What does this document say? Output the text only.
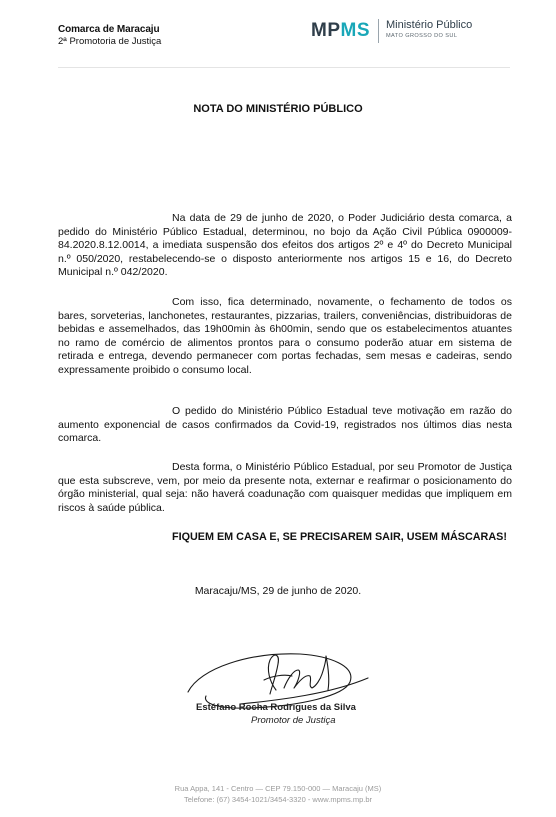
Comarca de Maracaju
2ª Promotoria de Justiça
MPMS Ministério Público
MATO GROSSO DO SUL
NOTA DO MINISTÉRIO PÚBLICO

Na data de 29 de junho de 2020, o Poder Judiciário desta comarca, a pedido do Ministério Público Estadual, determinou, no bojo da Ação Civil Pública 0900009-84.2020.8.12.0014, a imediata suspensão dos efeitos dos artigos 2º e 4º do Decreto Municipal n.º 050/2020, restabelecendo-se o disposto anteriormente nos artigos 15 e 16, do Decreto Municipal n.º 042/2020.

Com isso, fica determinado, novamente, o fechamento de todos os bares, sorveterias, lanchonetes, restaurantes, pizzarias, trailers, conveniências, distribuidoras de bebidas e assemelhados, das 19h00min às 6h00min, sendo que os estabelecimentos atuantes no ramo de comércio de alimentos prontos para o consumo poderão atuar em sistema de retirada e entrega, devendo permanecer com portas fechadas, sem mesas e cadeiras, sendo expressamente proibido o consumo local.

O pedido do Ministério Público Estadual teve motivação em razão do aumento exponencial de casos confirmados da Covid-19, registrados nos últimos dias nesta comarca.

Desta forma, o Ministério Público Estadual, por seu Promotor de Justiça que esta subscreve, vem, por meio da presente nota, externar e reafirmar o posicionamento do órgão ministerial, qual seja: não haverá coadunação com quaisquer medidas que impliquem em riscos à saúde pública.

FIQUEM EM CASA E, SE PRECISAREM SAIR, USEM MÁSCARAS!

Maracaju/MS, 29 de junho de 2020.
Estéfano Rocha Rodrigues da Silva
Promotor de Justiça
Rua Appa, 141 - Centro — CEP 79.150-000 — Maracaju (MS)
Telefone: (67) 3454-1021/3454-3320 - www.mpms.mp.br
